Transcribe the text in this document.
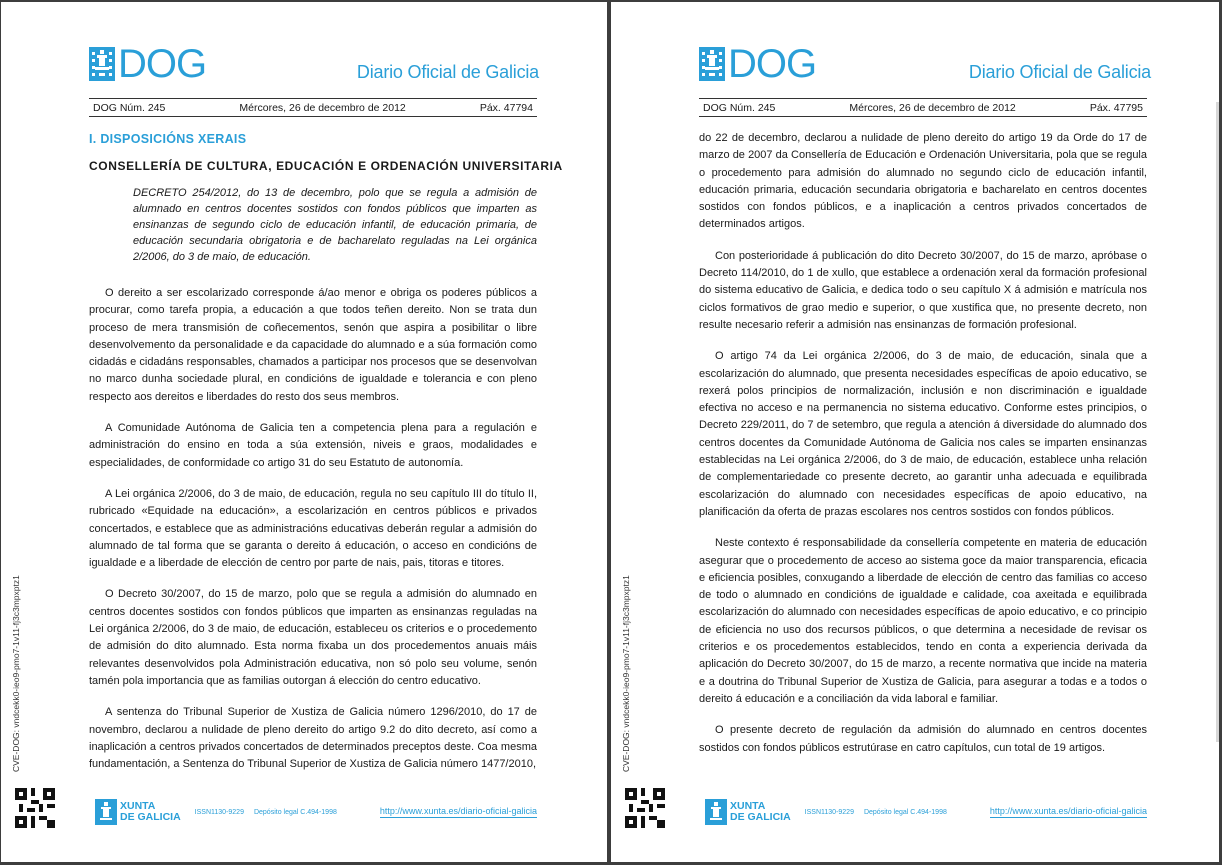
DOG	Diario Oficial de Galicia
DOG Núm. 245	Mércores, 26 de decembro de 2012	Páx. 47794
I. DISPOSICIÓNS XERAIS
CONSELLERÍA DE CULTURA, EDUCACIÓN E ORDENACIÓN UNIVERSITARIA
DECRETO 254/2012, do 13 de decembro, polo que se regula a admisión de alumnado en centros docentes sostidos con fondos públicos que imparten as ensinanzas de segundo ciclo de educación infantil, de educación primaria, de educación secundaria obrigatoria e de bacharelato reguladas na Lei orgánica 2/2006, do 3 de maio, de educación.

O dereito a ser escolarizado corresponde á/ao menor e obriga os poderes públicos a procurar, como tarefa propia, a educación a que todos teñen dereito. Non se trata dun proceso de mera transmisión de coñecementos, senón que aspira a posibilitar o libre desenvolvemento da personalidade e da capacidade do alumnado e a súa formación como cidadás e cidadáns responsables, chamados a participar nos procesos que se desenvolvan no marco dunha sociedade plural, en condicións de igualdade e tolerancia e con pleno respecto aos dereitos e liberdades do resto dos seus membros.

A Comunidade Autónoma de Galicia ten a competencia plena para a regulación e administración do ensino en toda a súa extensión, niveis e graos, modalidades e especialidades, de conformidade co artigo 31 do seu Estatuto de autonomía.

A Lei orgánica 2/2006, do 3 de maio, de educación, regula no seu capítulo III do título II, rubricado «Equidade na educación», a escolarización en centros públicos e privados concertados, e establece que as administracións educativas deberán regular a admisión do alumnado de tal forma que se garanta o dereito á educación, o acceso en condicións de igualdade e a liberdade de elección de centro por parte de nais, pais, titoras e titores.

O Decreto 30/2007, do 15 de marzo, polo que se regula a admisión do alumnado en centros docentes sostidos con fondos públicos que imparten as ensinanzas reguladas na Lei orgánica 2/2006, do 3 de maio, de educación, estableceu os criterios e o procedemento de admisión do dito alumnado. Esta norma fixaba un dos procedementos anuais máis relevantes desenvolvidos pola Administración educativa, non só polo seu volume, senón tamén pola importancia que as familias outorgan á elección do centro educativo.

A sentenza do Tribunal Superior de Xustiza de Galicia número 1296/2010, do 17 de novembro, declarou a nulidade de pleno dereito do artigo 9.2 do dito decreto, así como a inaplicación a centros privados concertados de determinados preceptos deste. Coa mesma fundamentación, a Sentenza do Tribunal Superior de Xustiza de Galicia número 1477/2010,

CVE-DOG: vndcekk0-ieo9-pmo7-1v11-fj3c3mpxptz1
XUNTA
DE GALICIA ISSN1130-9229 Depósito legal C.494-1998	http://www.xunta.es/diario-oficial-galicia
DOG	Diario Oficial de Galicia
DOG Núm. 245	Mércores, 26 de decembro de 2012	Páx. 47795

do 22 de decembro, declarou a nulidade de pleno dereito do artigo 19 da Orde do 17 de marzo de 2007 da Consellería de Educación e Ordenación Universitaria, pola que se regula o procedemento para admisión do alumnado no segundo ciclo de educación infantil, educación primaria, educación secundaria obrigatoria e bacharelato en centros docentes sostidos con fondos públicos, e a inaplicación a centros privados concertados de determinados artigos.

Con posterioridade á publicación do dito Decreto 30/2007, do 15 de marzo, apróbase o Decreto 114/2010, do 1 de xullo, que establece a ordenación xeral da formación profesional do sistema educativo de Galicia, e dedica todo o seu capítulo X á admisión e matrícula nos ciclos formativos de grao medio e superior, o que xustifica que, no presente decreto, non resulte necesario referir a admisión nas ensinanzas de formación profesional.

O artigo 74 da Lei orgánica 2/2006, do 3 de maio, de educación, sinala que a escolarización do alumnado, que presenta necesidades específicas de apoio educativo, se rexerá polos principios de normalización, inclusión e non discriminación e igualdade efectiva no acceso e na permanencia no sistema educativo. Conforme estes principios, o Decreto 229/2011, do 7 de setembro, que regula a atención á diversidade do alumnado dos centros docentes da Comunidade Autónoma de Galicia nos cales se imparten ensinanzas establecidas na Lei orgánica 2/2006, do 3 de maio, de educación, establece unha relación de complementariedade co presente decreto, ao garantir unha adecuada e equilibrada escolarización do alumnado con necesidades específicas de apoio educativo, na planificación da oferta de prazas escolares nos centros sostidos con fondos públicos.

Neste contexto é responsabilidade da consellería competente en materia de educación asegurar que o procedemento de acceso ao sistema goce da maior transparencia, eficacia e eficiencia posibles, conxugando a liberdade de elección de centro das familias co acceso de todo o alumnado en condicións de igualdade e calidade, coa axeitada e equilibrada escolarización do alumnado con necesidades específicas de apoio educativo, e co principio de eficiencia no uso dos recursos públicos, o que determina a necesidade de revisar os criterios e os procedementos establecidos, tendo en conta a experiencia derivada da aplicación do Decreto 30/2007, do 15 de marzo, a recente normativa que incide na materia e a doutrina do Tribunal Superior de Xustiza de Galicia, para asegurar a todas e a todos o dereito á educación e a conciliación da vida laboral e familiar.

O presente decreto de regulación da admisión do alumnado en centros docentes sostidos con fondos públicos estrutúrase en catro capítulos, cun total de 19 artigos.

CVE-DOG: vndcekk0-ieo9-pmo7-1v11-fj3c3mpxptz1
XUNTA
DE GALICIA ISSN1130-9229 Depósito legal C.494-1998	http://www.xunta.es/diario-oficial-galicia
